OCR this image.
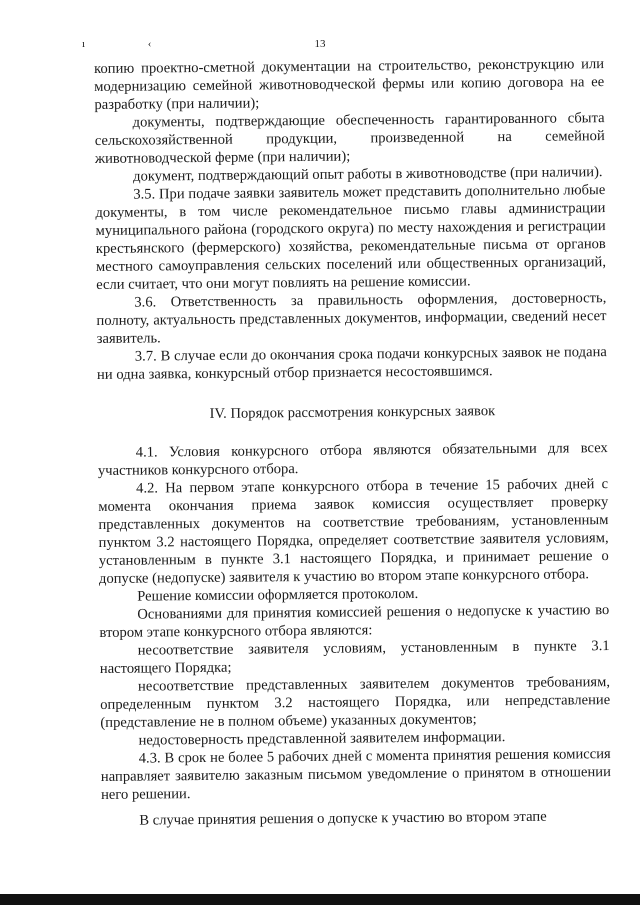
ı ‹	13

копию проектно-сметной документации на строительство, реконструкцию или модернизацию семейной животноводческой фермы или копию договора на ее разработку (при наличии);

документы, подтверждающие обеспеченность гарантированного сбыта сельскохозяйственной продукции, произведенной на семейной животноводческой ферме (при наличии);

документ, подтверждающий опыт работы в животноводстве (при наличии).

3.5. При подаче заявки заявитель может представить дополнительно любые документы, в том числе рекомендательное письмо главы администрации муниципального района (городского округа) по месту нахождения и регистрации крестьянского (фермерского) хозяйства, рекомендательные письма от органов местного самоуправления сельских поселений или общественных организаций, если считает, что они могут повлиять на решение комиссии.

3.6. Ответственность за правильность оформления, достоверность, полноту, актуальность представленных документов, информации, сведений несет заявитель.

3.7. В случае если до окончания срока подачи конкурсных заявок не подана ни одна заявка, конкурсный отбор признается несостоявшимся.

IV. Порядок рассмотрения конкурсных заявок

4.1. Условия конкурсного отбора являются обязательными для всех участников конкурсного отбора.

4.2. На первом этапе конкурсного отбора в течение 15 рабочих дней с момента окончания приема заявок комиссия осуществляет проверку представленных документов на соответствие требованиям, установленным пунктом 3.2 настоящего Порядка, определяет соответствие заявителя условиям, установленным в пункте 3.1 настоящего Порядка, и принимает решение о допуске (недопуске) заявителя к участию во втором этапе конкурсного отбора.

Решение комиссии оформляется протоколом.

Основаниями для принятия комиссией решения о недопуске к участию во втором этапе конкурсного отбора являются:

несоответствие заявителя условиям, установленным в пункте 3.1 настоящего Порядка;

несоответствие представленных заявителем документов требованиям, определенным пунктом 3.2 настоящего Порядка, или непредставление (представление не в полном объеме) указанных документов;

недостоверность представленной заявителем информации.

4.3. В срок не более 5 рабочих дней с момента принятия решения комиссия направляет заявителю заказным письмом уведомление о принятом в отношении него решении.

В случае принятия решения о допуске к участию во втором этапе
